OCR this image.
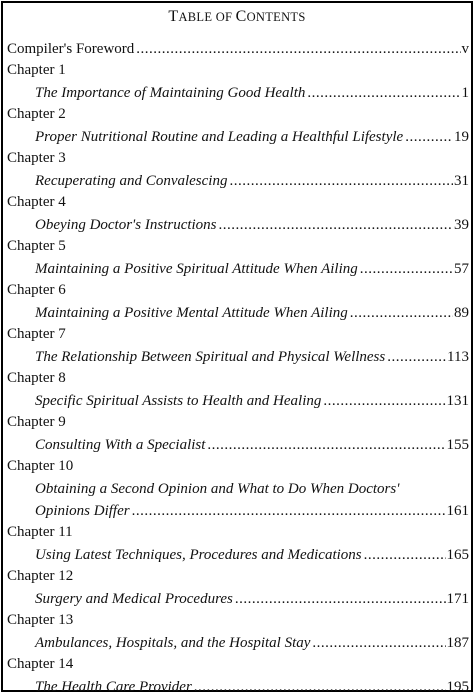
TABLE OF CONTENTS
Compiler's Foreword .....	v
Chapter 1
The Importance of Maintaining Good Health .....	1
Chapter 2
Proper Nutritional Routine and Leading a Healthful Lifestyle .....	19
Chapter 3
Recuperating and Convalescing .....	31
Chapter 4
Obeying Doctor's Instructions .....	39
Chapter 5
Maintaining a Positive Spiritual Attitude When Ailing .....	57
Chapter 6
Maintaining a Positive Mental Attitude When Ailing .....	89
Chapter 7
The Relationship Between Spiritual and Physical Wellness .....	113
Chapter 8
Specific Spiritual Assists to Health and Healing .....	131
Chapter 9
Consulting With a Specialist .....	155
Chapter 10
Obtaining a Second Opinion and What to Do When Doctors'
Opinions Differ .....	161
Chapter 11
Using Latest Techniques, Procedures and Medications .....	165
Chapter 12
Surgery and Medical Procedures .....	171
Chapter 13
Ambulances, Hospitals, and the Hospital Stay .....	187
Chapter 14
The Health Care Provider .....	195
